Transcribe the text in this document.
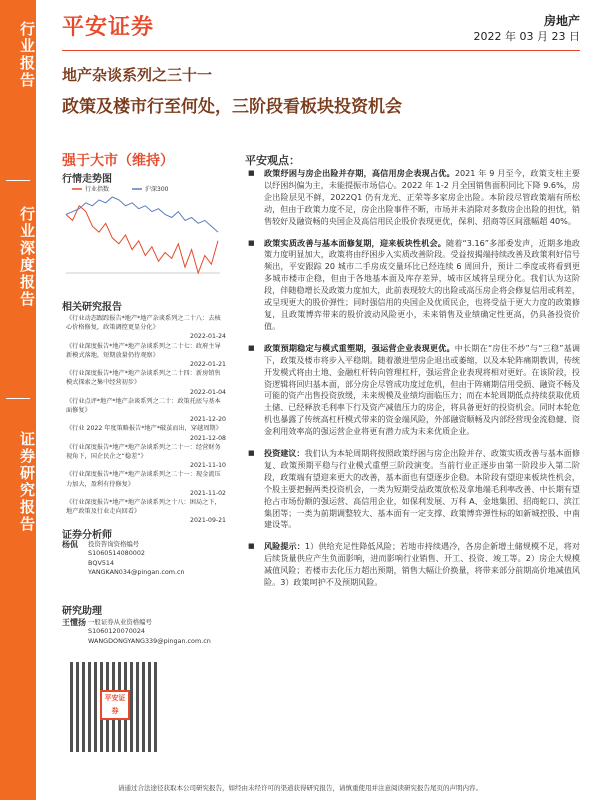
行业报告
行业深度报告
证券研究报告
平安证券	房地产
2022 年 03 月 23 日
地产杂谈系列之三十一
政策及楼市行至何处，三阶段看板块投资机会
强于大市（维持）
行情走势图
行业指数	沪深300
相关研究报告
《行业动态跟踪报告*地产*地产杂谈系列之二十八：去核心价格修复，政策调控更显分化》
2022-01-24
《行业深度报告*地产*地产杂谈系列之二十七：政府主导新模式落地，短期放量仍待观察》
2022-01-21
《行业深度报告*地产*地产杂谈系列之二十四：新房销售模式探索之集中经营初步》
2022-01-04
《行业点评*地产*地产杂谈系列之二十：政策托底与基本面修复》
2021-12-20
《行业 2022 年度策略报告*地产*破茧而出，穿越周期》
2021-12-08
《行业深度报告*地产*地产杂谈系列之二十一：经营财务视角下，国企民企之“稳差”》
2021-11-10
《行业深度报告*地产*地产杂谈系列之二十一：现金流压力加大，盈利有待修复》
2021-11-02
《行业深度报告*地产*地产杂谈系列之十八：困局之下，地产政策及行业走向回看》
2021-09-21
证券分析师
杨侃 投资咨询资格编号
S1060514080002
BQV514
YANGKAN034@pingan.com.cn
研究助理
王懂扬 一般证券从业资格编号
S1060120070024
WANGDONGYANG339@pingan.com.cn
平安证券
平安观点：
■ 政策纾困与房企出险并存期，高信用房企表现占优。2021 年 9 月至今，政策支柱主要以纾困纠偏为主，未能提振市场信心。2022 年 1-2 月全国销售面积同比下降 9.6%，房企出险层见不鲜，2022Q1 仍有龙光、正荣等多家房企出险。本阶段尽管政策端有所松动，但由于政策力度不足，房企出险事件不断，市场并未消除对多数房企出险的担忧，销售较好及融资畅的央国企及高信用民企股价表现更优，保利、招商等区间涨幅超 40%。
■ 政策实质改善与基本面修复期，迎来板块性机会。随着“3.16”多部委发声，近期多地政策力度明显加大，政策将由纾困步入实质改善阶段。受益按揭端持续改善及政策利好信号频出，平安跟踪 20 城市二手房成交量环比已经连续 6 周回升，预计二季度或将看到更多城市楼市企稳，但由于各地基本面及库存差异，城市区域将呈现分化。我们认为这阶段，伴随稳增长及政策力度加大，此前表现较大的出险或高压房企将会修复信用或利差，或呈现更大的股价弹性；同时强信用的央国企及优质民企，也将受益于更大力度的政策修复，且政策博弈带来的股价波动风险更小，未来销售及业绩确定性更高，仍具备投资价值。
■ 政策预期稳定与模式重塑期，强运营企业表现更优。中长期在“房住不炒”与“三稳”基调下，政策及楼市将步入平稳期。随着激进型房企退出或萎缩，以及本轮阵痛期教训，传统开发模式将由土地、金融杠杆转向管理杠杆，强运营企业表现将相对更好。在该阶段，投资逻辑将回归基本面，部分房企尽管成功度过危机，但由于阵痛期信用受损、融资不畅及可能的资产出售投资放缓，未来规模及业绩均面临压力；而在本轮周期低点持续获取优质土储、已经释放毛利率下行及资产减值压力的房企，将具备更好的投资机会。同时本轮危机也暴露了传统高杠杆模式带来的资金端风险，外部融资顺畅及内部经营现金流稳健、资金利用效率高的强运营企业将更有潜力成为未来优质企业。
■ 投资建议：我们认为本轮周期将按照政策纾困与房企出险并存、政策实质改善与基本面修复、政策预期平稳与行业模式重塑三阶段演变。当前行业正逐步由第一阶段步入第二阶段，政策端有望迎来更大的改善，基本面也有望逐步企稳。本阶段有望迎来板块性机会，个股主要把握两类投资机会，一类为短期受益政策放松及拿地端毛利率改善、中长期有望抢占市场份额的强运营、高信用企业，如保利发展、万科 A、金地集团、招商蛇口、滨江集团等；一类为前期调整较大、基本面有一定支撑、政策博弈弹性标的如新城控股、中南建设等。
■ 风险提示：1）供给充足性降低风险；若地市持续遇冷，各房企新增土储规模不足，将对后续货量供应产生负面影响，进而影响行业销售、开工、投资、竣工等。2）房企大规模减值风险；若楼市去化压力超出预期，销售大幅让价换量，将带来部分前期高价地减值风险。3）政策呵护不及预期风险。
请通过合法途径获取本公司研究报告，如经由未经许可的渠道获得研究报告，请慎重使用并注意阅读研究报告尾页的声明内容。
